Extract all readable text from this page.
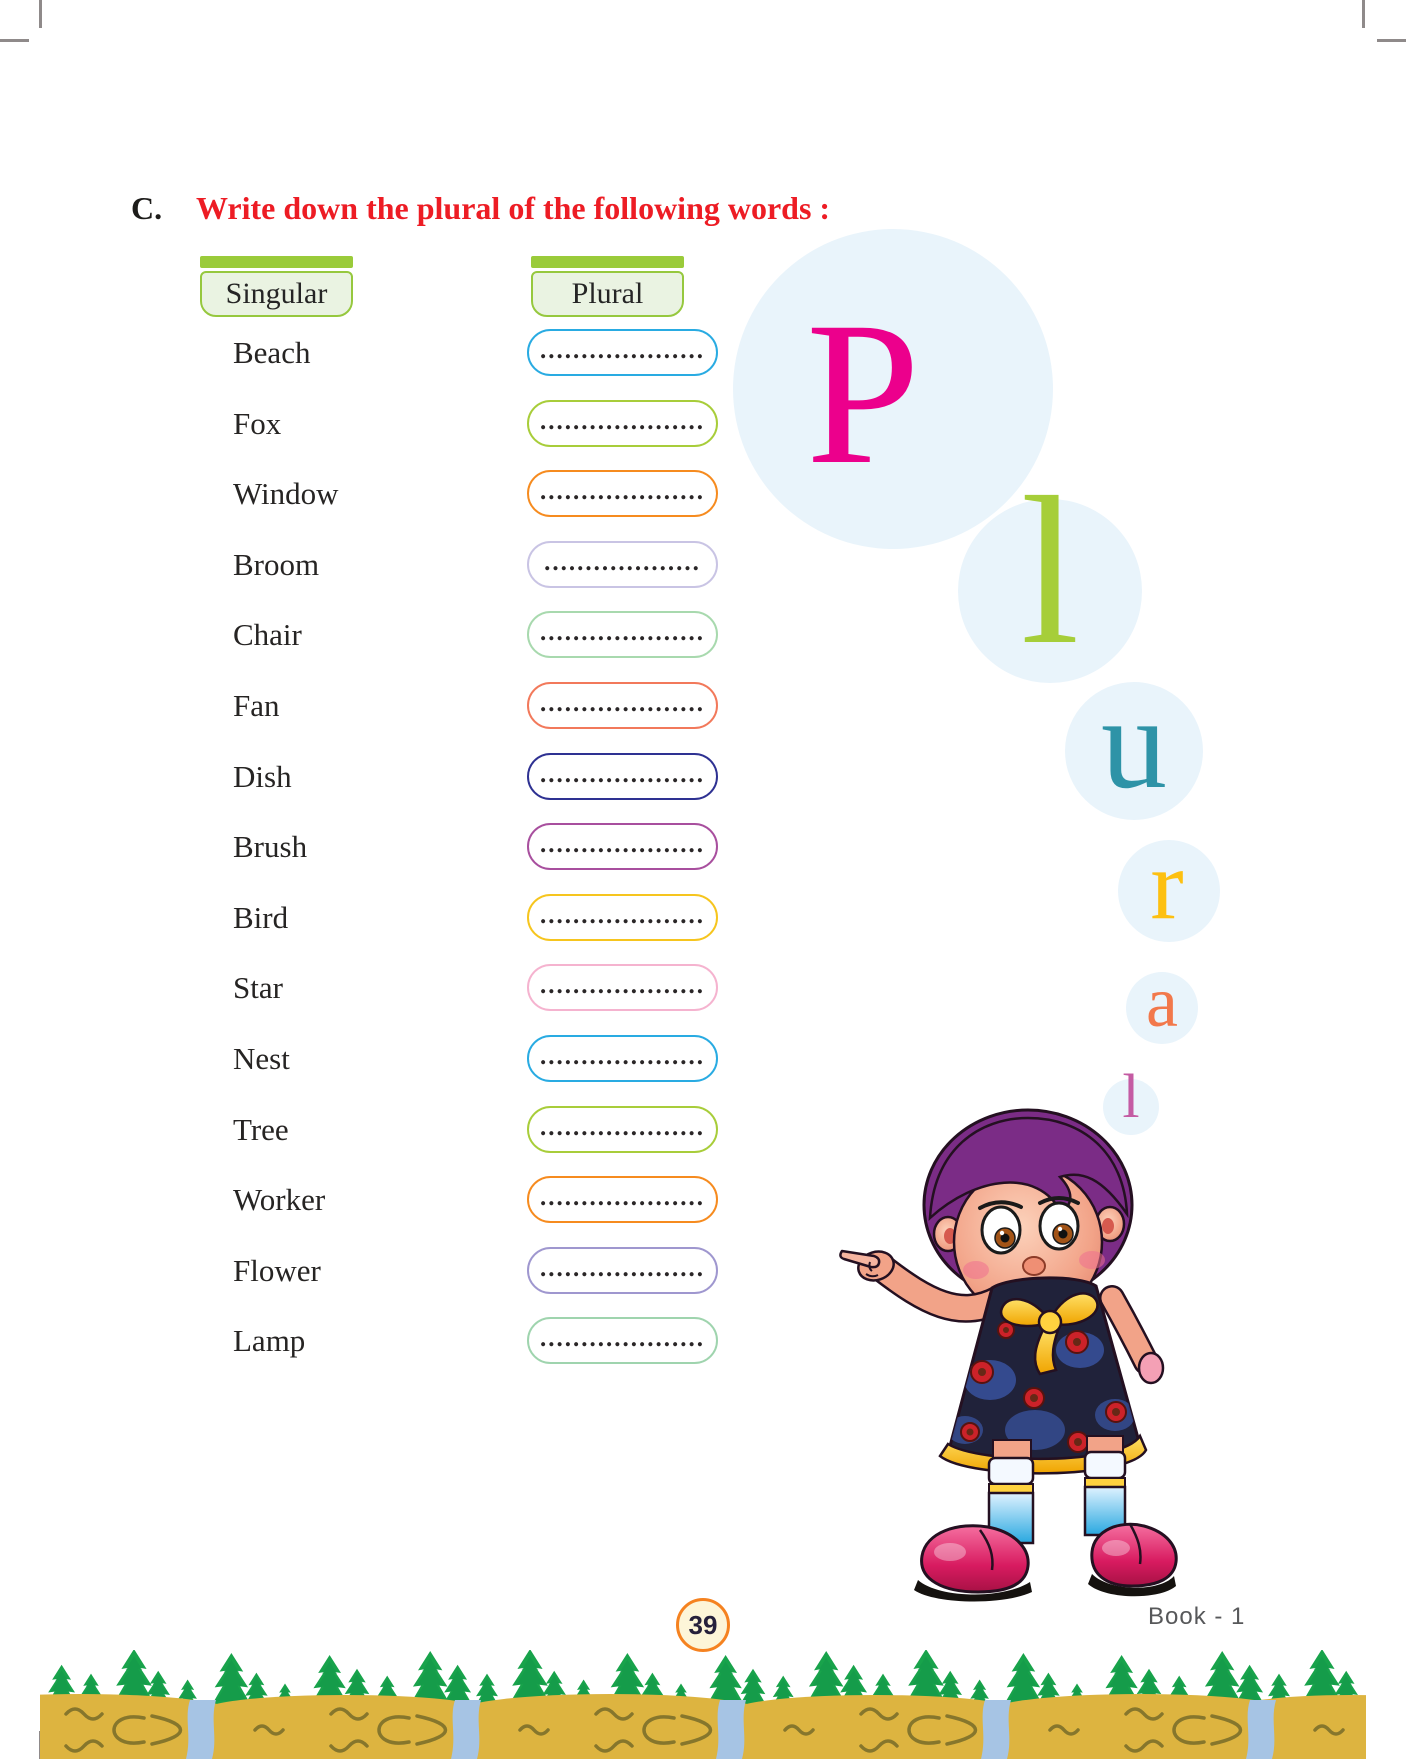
C. Write down the plural of the following words :
P
l
u
r
a
l
Singular	Plural
Beach	....................
Fox	....................
Window	....................
Broom	...................
Chair	....................
Fan	....................
Dish	....................
Brush	....................
Bird	....................
Star	....................
Nest	....................
Tree	....................
Worker	....................
Flower	....................
Lamp	....................
39	Book - 1
